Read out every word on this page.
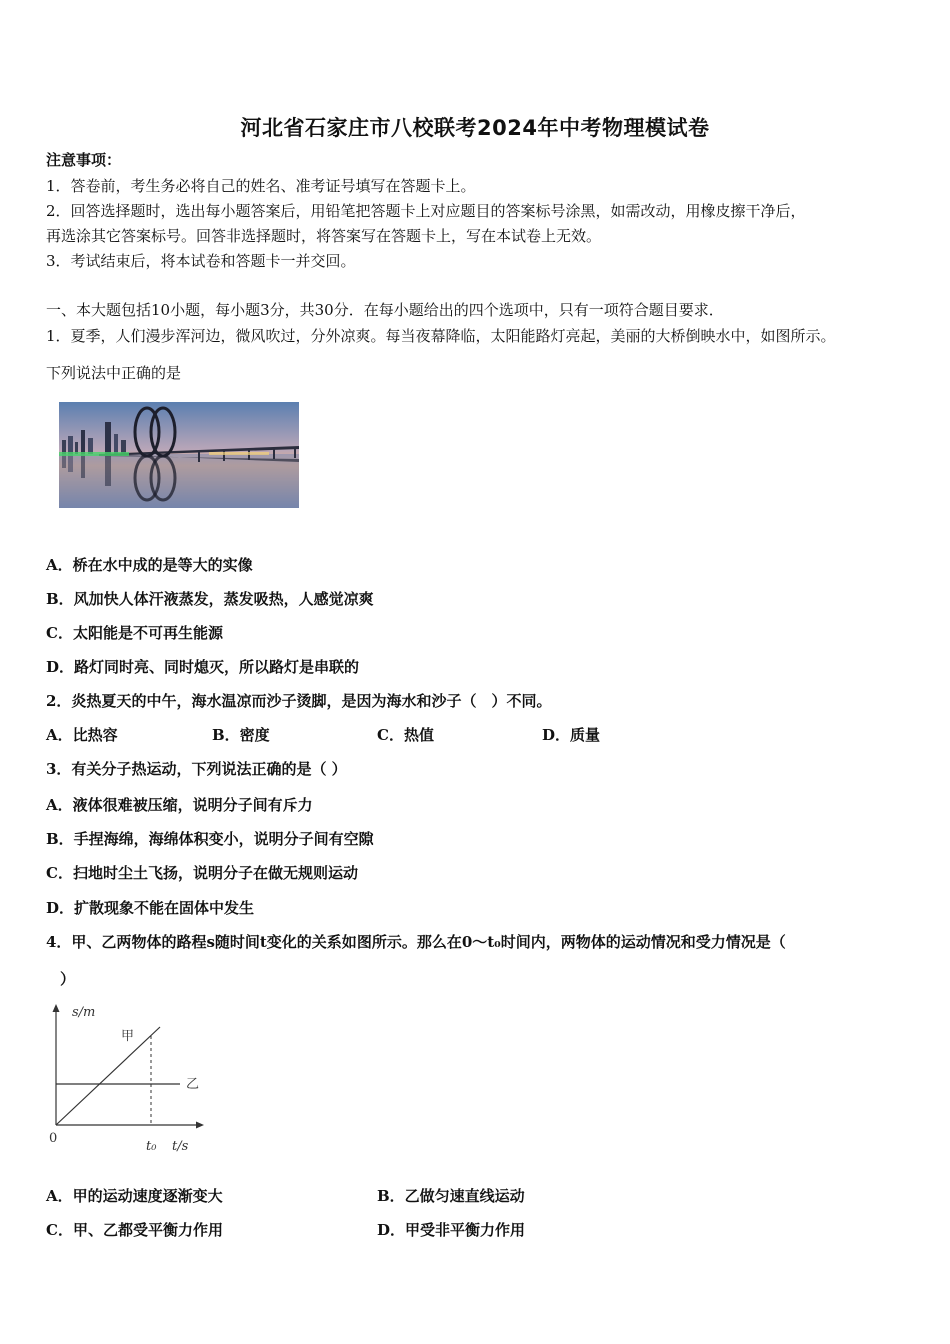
河北省石家庄市八校联考2024年中考物理模试卷
注意事项：
1．答卷前，考生务必将自己的姓名、准考证号填写在答题卡上。
2．回答选择题时，选出每小题答案后，用铅笔把答题卡上对应题目的答案标号涂黑，如需改动，用橡皮擦干净后，
再选涂其它答案标号。回答非选择题时，将答案写在答题卡上，写在本试卷上无效。
3．考试结束后，将本试卷和答题卡一并交回。
一、本大题包括10小题，每小题3分，共30分．在每小题给出的四个选项中，只有一项符合题目要求．
1．夏季，人们漫步浑河边，微风吹过，分外凉爽。每当夜幕降临，太阳能路灯亮起，美丽的大桥倒映水中，如图所示。
下列说法中正确的是
A．桥在水中成的是等大的实像
B．风加快人体汗液蒸发，蒸发吸热，人感觉凉爽
C．太阳能是不可再生能源
D．路灯同时亮、同时熄灭，所以路灯是串联的
2．炎热夏天的中午，海水温凉而沙子烫脚，是因为海水和沙子（　）不同。
A．比热容	B．密度	C．热值	D．质量
3．有关分子热运动，下列说法正确的是（ ）
A．液体很难被压缩，说明分子间有斥力
B．手捏海绵，海绵体积变小，说明分子间有空隙
C．扫地时尘土飞扬，说明分子在做无规则运动
D．扩散现象不能在固体中发生
4．甲、乙两物体的路程s随时间t变化的关系如图所示。那么在0～t₀时间内，两物体的运动情况和受力情况是（
）
s/m
t/s
0
t₀
甲
乙
A．甲的运动速度逐渐变大	B．乙做匀速直线运动
C．甲、乙都受平衡力作用	D．甲受非平衡力作用
